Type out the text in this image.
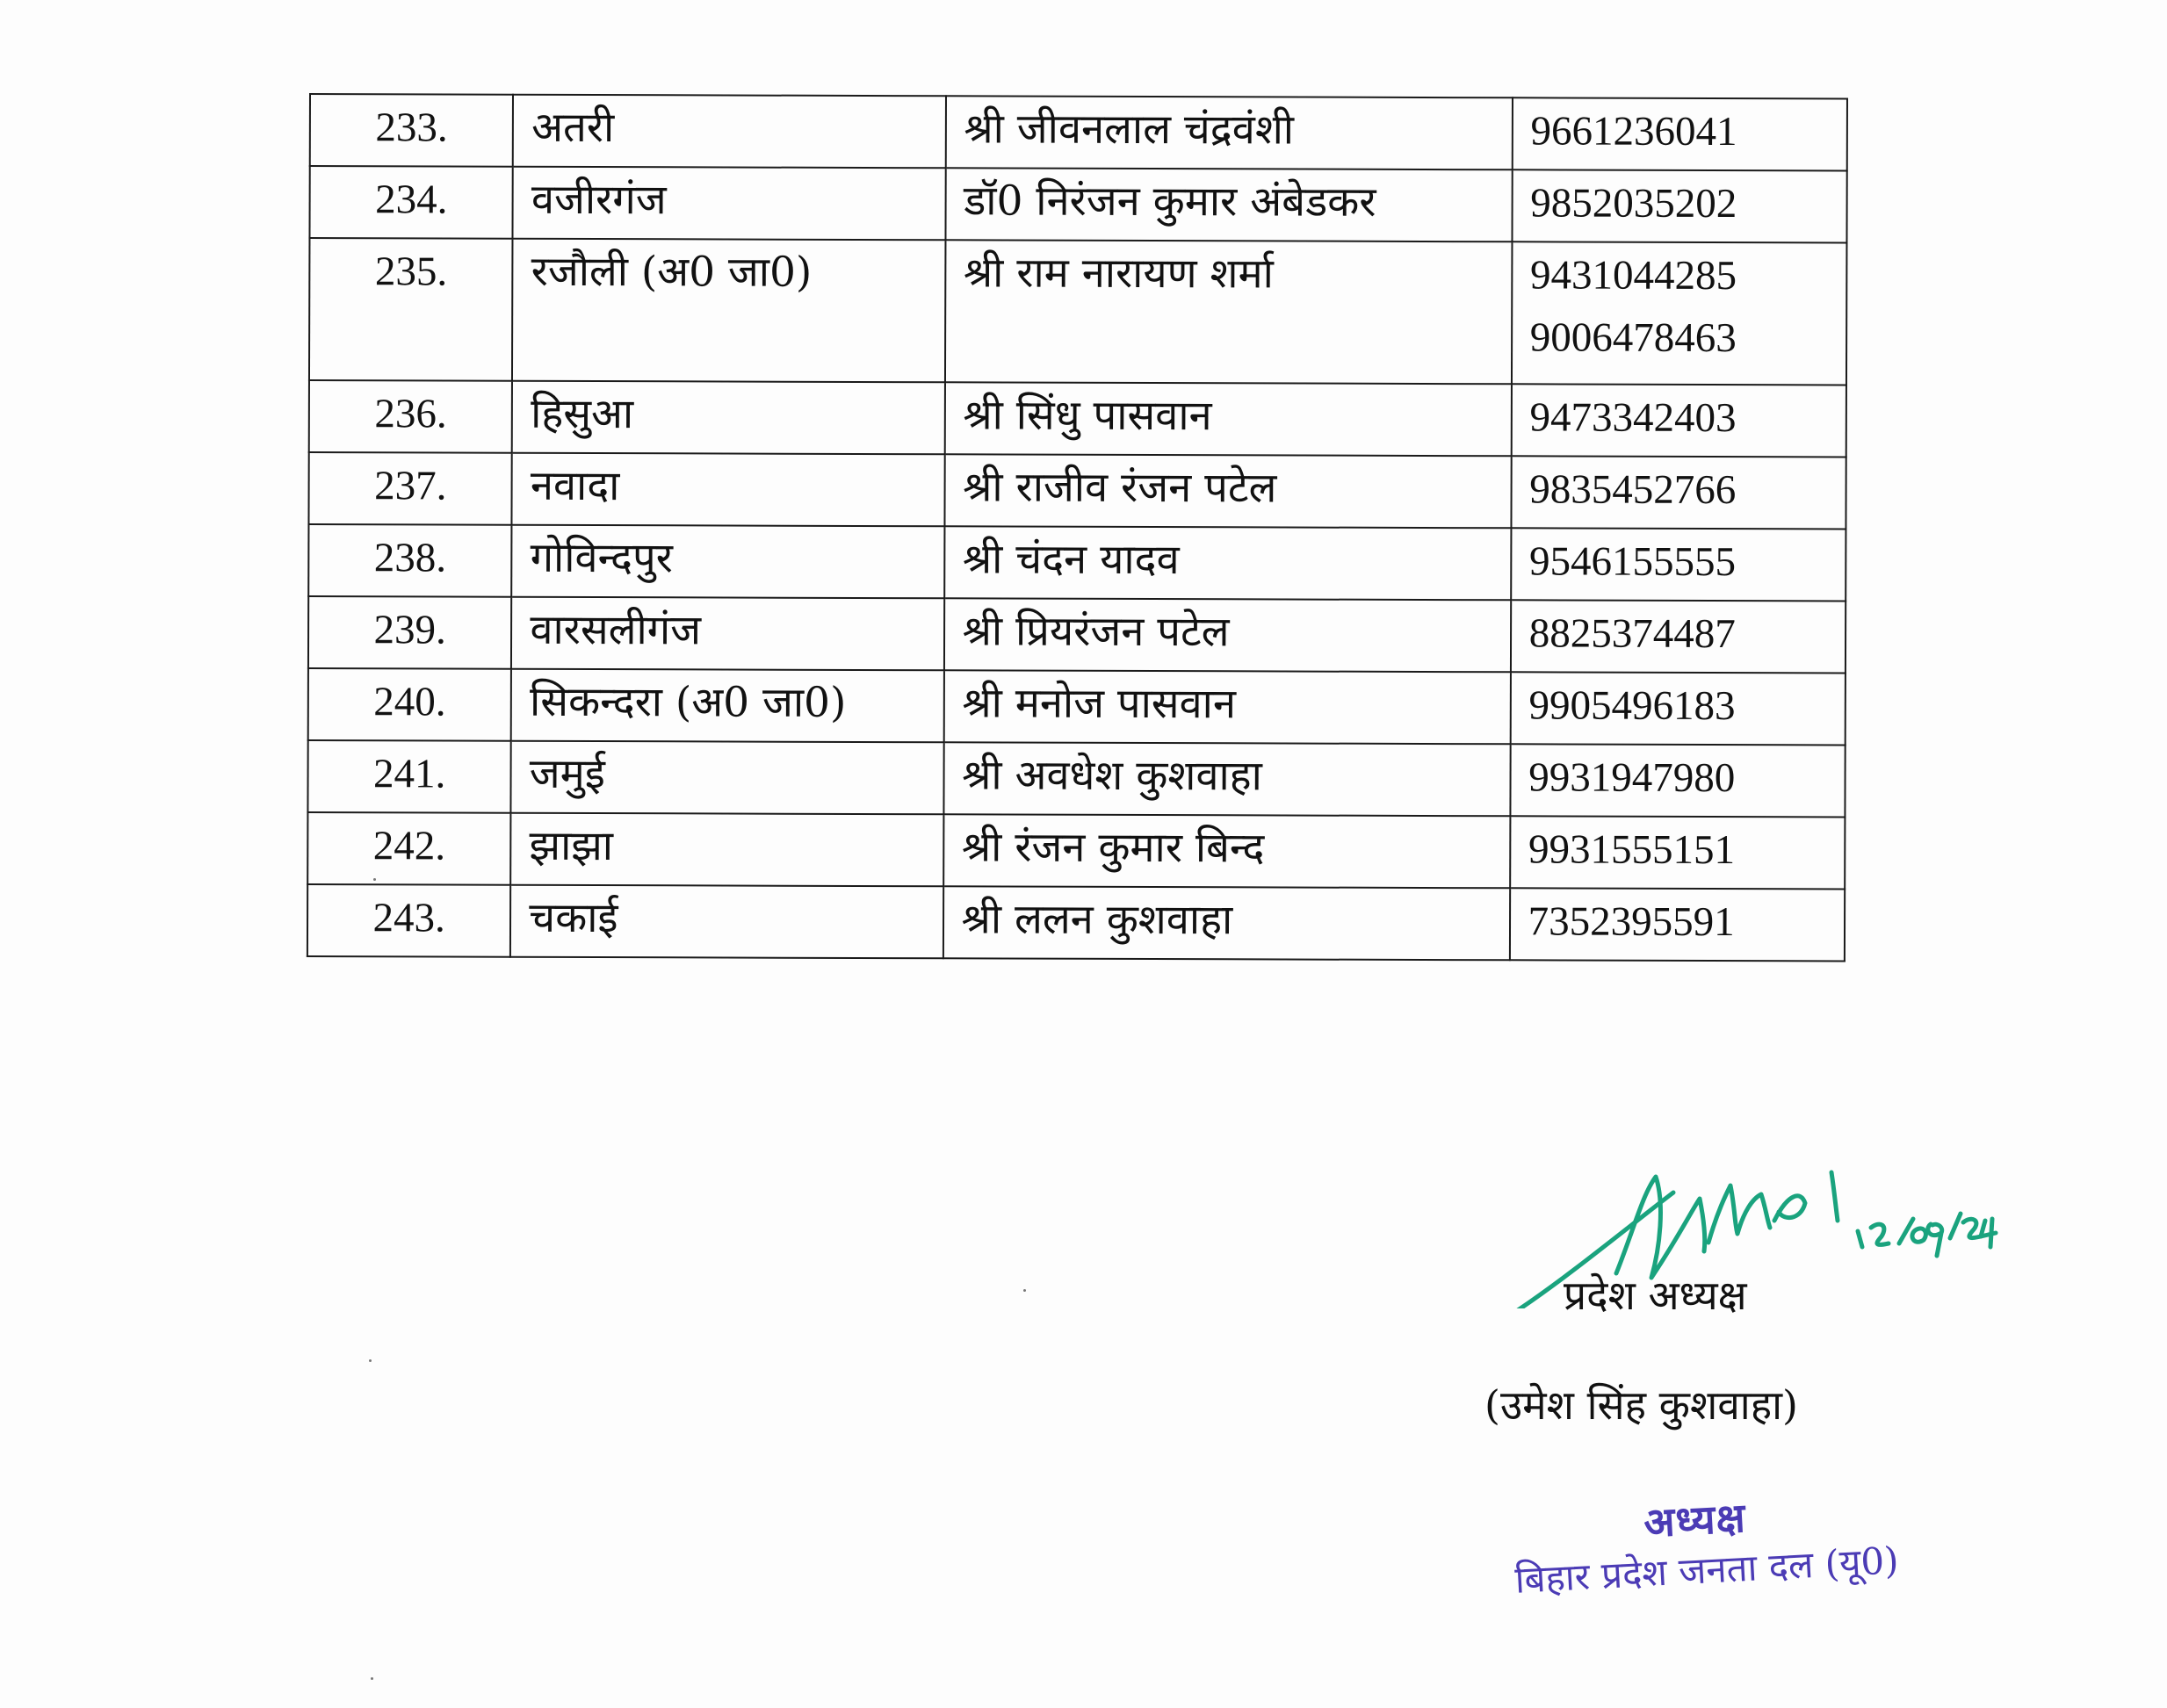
233.	अतरी	श्री जीवनलाल चंद्रवंशी	9661236041

234.	वजीरगंज	डॉ0 निरंजन कुमार अंबेडकर	9852035202

235.	रजौली (अ0 जा0)	श्री राम नारायण शर्मा	9431044285
9006478463

236.	हिसुआ	श्री सिंधु पासवान	9473342403

237.	नवादा	श्री राजीव रंजन पटेल	9835452766

238.	गोविन्दपुर	श्री चंदन यादव	9546155555

239.	वारसलीगंज	श्री प्रियरंजन पटेल	8825374487

240.	सिकन्दरा (अ0 जा0)	श्री मनोज पासवान	9905496183

241.	जमुई	श्री अवधेश कुशवाहा	9931947980

242.	झाझा	श्री रंजन कुमार बिन्द	9931555151

243.	चकाई	श्री ललन कुशवाहा	7352395591
प्रदेश अध्यक्ष
(उमेश सिंह कुशवाहा)
अध्यक्ष
बिहार प्रदेश जनता दल (यू0)
